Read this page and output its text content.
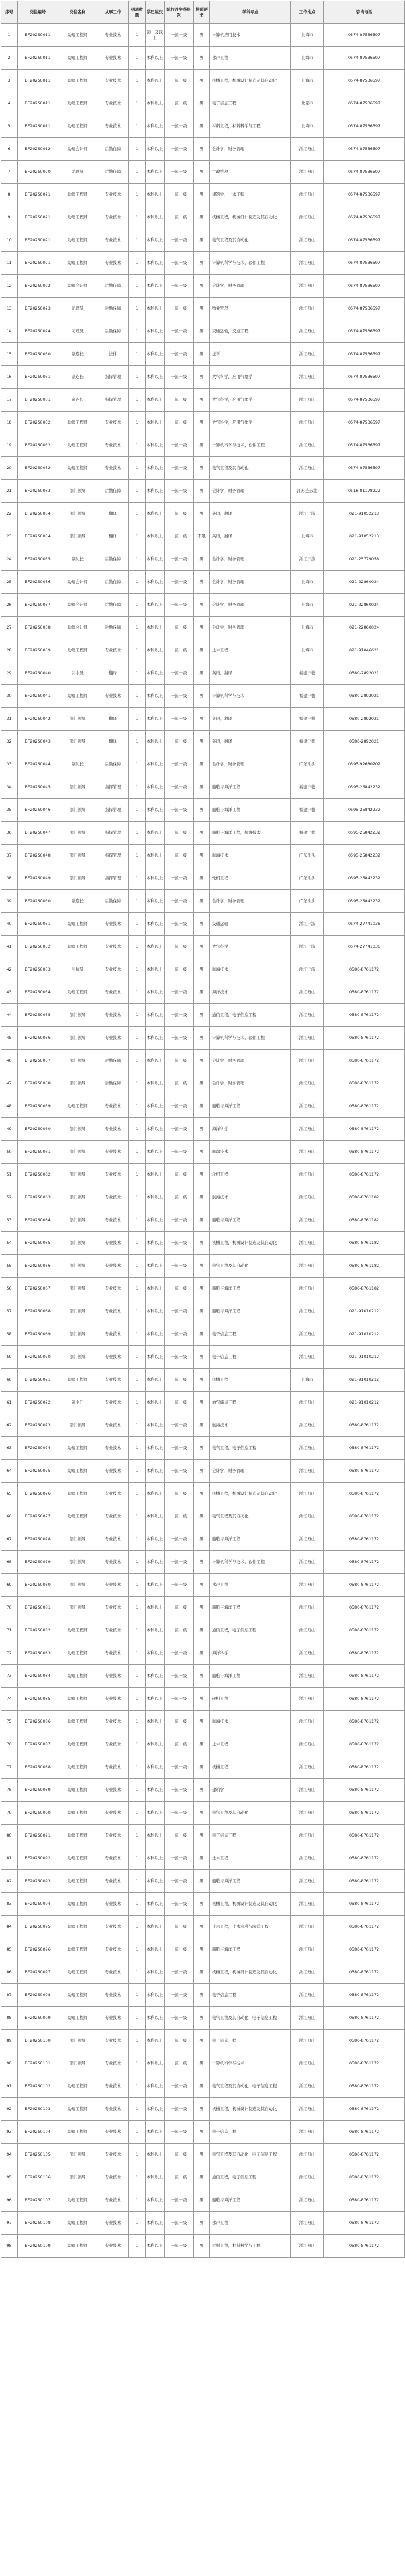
序号	岗位编号	岗位名称	从事工作	招录数量	学历层次	院校及学科层次	性别要求	学科专业	工作地点	咨询电话
1	BF20250011	助理工程师	专业技术	1	硕士及以上	一流一级	男	计算机应用技术	上海市	0574-87536597
2	BF20250011	助理工程师	专业技术	1	本科以上	一流一级	男	水声工程	上海市	0574-87536597
3	BF20250011	助理工程师	专业技术	1	本科以上	一流一级	男	机械工程，机械设计制造及其自动化	上海市	0574-87536597
4	BF20250011	助理工程师	专业技术	1	本科以上	一流一级	男	电子信息工程	北京市	0574-87536597
5	BF20250011	助理工程师	专业技术	1	本科以上	一流一级	男	材料工程，材料科学与工程	上海市	0574-87536597
6	BF20250012	助理会计师	后勤保障	1	本科以上	一流一级	男	会计学，财务管理	浙江舟山	0574-87536597
7	BF20250020	助理员	后勤保障	1	本科以上	一流一级	男	行政管理	浙江舟山	0574-87536597
8	BF20250021	助理工程师	专业技术	1	本科以上	一流一级	男	建筑学，土木工程	浙江舟山	0574-87536597
9	BF20250021	助理工程师	专业技术	1	本科以上	一流一级	男	机械工程，机械设计制造及其自动化	浙江舟山	0574-87536597
10	BF20250021	助理工程师	专业技术	1	本科以上	一流一级	男	电气工程及其自动化	浙江舟山	0574-87536597
11	BF20250021	助理工程师	专业技术	1	本科以上	一流一级	男	计算机科学与技术，软件工程	浙江舟山	0574-87536597
12	BF20250022	助理会计师	后勤保障	1	本科以上	一流一级	男	会计学，财务管理	浙江舟山	0574-87536597
13	BF20250023	助理员	后勤保障	1	本科以上	一流一级	男	物业管理	浙江舟山	0574-87536597
14	BF20250024	助理员	后勤保障	1	本科以上	一流一级	男	交通运输，交通工程	浙江舟山	0574-87536597
15	BF20250030	副连长	法律	1	本科以上	一流一级	男	法学	浙江舟山	0574-87536597
16	BF20250031	副连长	指挥管理	1	本科以上	一流一级	男	大气科学，应用气象学	浙江舟山	0574-87536597
17	BF20250031	副连长	指挥管理	1	本科以上	一流一级	男	大气科学，应用气象学	浙江舟山	0574-87536597
18	BF20250032	助理工程师	专业技术	1	本科以上	一流一级	男	大气科学，应用气象学	浙江舟山	0574-87536597
19	BF20250032	助理工程师	专业技术	1	本科以上	一流一级	男	计算机科学与技术，软件工程	浙江舟山	0574-87536597
20	BF20250032	助理工程师	专业技术	1	本科以上	一流一级	男	电气工程及其自动化	浙江舟山	0574-87536597
21	BF20250033	部门领导	后勤保障	1	本科以上	一流一级	男	会计学，财务管理	江苏连云港	0518-81178222
22	BF20250034	部门领导	翻译	1	本科以上	一流一级	男	英语，翻译	浙江宁波	021-91052213
23	BF20250034	部门领导	翻译	1	本科以上	一流一级	不限	英语，翻译	上海市	021-91052213
24	BF20250035	副队长	后勤保障	1	本科以上	一流一级	男	会计学，财务管理	浙江宁波	021-25779056
25	BF20250036	助理会计师	后勤保障	1	本科以上	一流一级	男	会计学，财务管理	上海市	021-22860024
26	BF20250037	助理会计师	后勤保障	1	本科以上	一流一级	男	会计学，财务管理	上海市	021-22860024
27	BF20250038	助理会计师	后勤保障	1	本科以上	一流一级	男	会计学，财务管理	上海市	021-22860024
28	BF20250039	助理工程师	专业技术	1	本科以上	一流一级	男	土木工程	上海市	021-91046621
29	BF20250040	引水员	翻译	1	本科以上	一流一级	男	英语，翻译	福建宁德	0580-2892021
30	BF20250041	助理工程师	专业技术	1	本科以上	一流一级	男	计算机科学与技术	福建宁德	0580-2892021
31	BF20250042	部门领导	翻译	1	本科以上	一流一级	男	英语，翻译	福建宁德	0580-2892021
32	BF20250043	部门领导	翻译	1	本科以上	一流一级	男	英语，翻译	福建宁德	0580-2892021
33	BF20250044	副队长	后勤保障	1	本科以上	一流一级	男	会计学，财务管理	广东汕头	0595-92680202
34	BF20250045	部门领导	指挥管理	1	本科以上	一流一级	男	船舶与海洋工程	福建宁德	0595-25842232
35	BF20250046	部门领导	指挥管理	1	本科以上	一流一级	男	船舶与海洋工程	福建宁德	0595-25842232
36	BF20250047	部门领导	指挥管理	1	本科以上	一流一级	男	船舶与海洋工程，航海技术	福建宁德	0595-25842232
37	BF20250048	部门领导	指挥管理	1	本科以上	一流一级	男	航海技术	广东汕头	0595-25842232
38	BF20250049	部门领导	指挥管理	1	本科以上	一流一级	男	轮机工程	广东汕头	0595-25842232
39	BF20250050	副连长	后勤保障	1	本科以上	一流一级	男	会计学，财务管理	广东汕头	0595-25842232
40	BF20250051	助理工程师	专业技术	1	本科以上	一流一级	男	交通运输	浙江宁波	0574-27741036
41	BF20250052	助理工程师	专业技术	1	本科以上	一流一级	男	大气科学	浙江宁波	0574-27741036
42	BF20250053	引航员	专业技术	1	本科以上	一流一级	男	航海技术	浙江宁波	0580-8761172
43	BF20250054	助理工程师	专业技术	1	本科以上	一流一级	男	海洋技术	浙江舟山	0580-8761172
44	BF20250055	部门领导	专业技术	1	本科以上	一流一级	男	通信工程，电子信息工程	浙江舟山	0580-8761172
45	BF20250056	部门领导	专业技术	1	本科以上	一流一级	男	计算机科学与技术，软件工程	浙江舟山	0580-8761172
46	BF20250057	部门领导	后勤保障	1	本科以上	一流一级	男	会计学，财务管理	浙江舟山	0580-8761172
47	BF20250058	部门领导	后勤保障	1	本科以上	一流一级	男	会计学，财务管理	浙江舟山	0580-8761172
48	BF20250059	助理工程师	专业技术	1	本科以上	一流一级	男	船舶与海洋工程	浙江舟山	0580-8761172
49	BF20250060	部门领导	专业技术	1	本科以上	一流一级	男	海洋科学	浙江舟山	0580-8761172
50	BF20250061	部门领导	专业技术	1	本科以上	一流一级	男	航海技术	浙江舟山	0580-8761172
51	BF20250062	部门领导	专业技术	1	本科以上	一流一级	男	轮机工程	浙江舟山	0580-8761172
52	BF20250063	部门领导	专业技术	1	本科以上	一流一级	男	航海技术	浙江舟山	0580-8761182
53	BF20250064	部门领导	专业技术	1	本科以上	一流一级	男	船舶与海洋工程	浙江舟山	0580-8761182
54	BF20250065	部门领导	专业技术	1	本科以上	一流一级	男	机械工程，机械设计制造及其自动化	浙江舟山	0580-8761182
55	BF20250066	部门领导	专业技术	1	本科以上	一流一级	男	电气工程及其自动化	浙江舟山	0580-8761182
56	BF20250067	部门领导	专业技术	1	本科以上	一流一级	男	船舶与海洋工程	浙江舟山	0580-8761182
57	BF20250068	部门领导	专业技术	1	本科以上	一流一级	男	船舶与海洋工程	浙江舟山	021-91010212
58	BF20250069	部门领导	专业技术	1	本科以上	一流一级	男	电子信息工程	浙江舟山	021-91010212
59	BF20250070	部门领导	专业技术	1	本科以上	一流一级	男	电子信息工程	浙江舟山	021-91010212
60	BF20250071	助理工程师	专业技术	1	本科以上	一流一级	男	机械工程	上海市	021-91010212
61	BF20250072	副主任	专业技术	1	本科以上	一流一级	男	油气储运工程	浙江舟山	021-91010212
62	BF20250073	部门领导	专业技术	1	本科以上	一流一级	男	航海技术	浙江舟山	0580-8761172
63	BF20250074	助理工程师	专业技术	1	本科以上	一流一级	男	电气工程，电子信息工程	浙江舟山	0580-8761172
64	BF20250075	助理工程师	专业技术	1	本科以上	一流一级	男	会计学，财务管理	浙江舟山	0580-8761172
65	BF20250076	助理工程师	专业技术	1	本科以上	一流一级	男	机械工程，机械设计制造及其自动化	浙江舟山	0580-8761172
66	BF20250077	助理工程师	专业技术	1	本科以上	一流一级	男	电气工程及其自动化	浙江舟山	0580-8761172
67	BF20250078	部门领导	专业技术	1	本科以上	一流一级	男	船舶与海洋工程	浙江舟山	0580-8761172
68	BF20250079	部门领导	专业技术	1	本科以上	一流一级	男	计算机科学与技术，软件工程	浙江舟山	0580-8761172
69	BF20250080	部门领导	专业技术	1	本科以上	一流一级	男	水声工程	浙江舟山	0580-8761172
70	BF20250081	部门领导	专业技术	1	本科以上	一流一级	男	船舶与海洋工程	浙江舟山	0580-8761172
71	BF20250082	助理工程师	专业技术	1	本科以上	一流一级	男	通信工程，电子信息工程	浙江舟山	0580-8761172
72	BF20250083	助理工程师	专业技术	1	本科以上	一流一级	男	海洋科学	浙江舟山	0580-8761172
73	BF20250084	助理工程师	专业技术	1	本科以上	一流一级	男	船舶与海洋工程	浙江舟山	0580-8761172
74	BF20250085	助理工程师	专业技术	1	本科以上	一流一级	男	轮机工程	浙江舟山	0580-8761172
75	BF20250086	助理工程师	专业技术	1	本科以上	一流一级	男	航海技术	浙江舟山	0580-8761172
76	BF20250087	助理工程师	专业技术	1	本科以上	一流一级	男	土木工程	浙江舟山	0580-8761172
77	BF20250088	助理工程师	专业技术	1	本科以上	一流一级	男	机械工程	浙江舟山	0580-8761172
78	BF20250089	助理工程师	专业技术	1	本科以上	一流一级	男	建筑学	浙江舟山	0580-8761172
79	BF20250090	助理工程师	专业技术	1	本科以上	一流一级	男	电气工程及其自动化	浙江舟山	0580-8761172
80	BF20250091	助理工程师	专业技术	1	本科以上	一流一级	男	电子信息工程	浙江舟山	0580-8761172
81	BF20250092	助理工程师	专业技术	1	本科以上	一流一级	男	土木工程	浙江舟山	0580-8761172
82	BF20250093	助理工程师	专业技术	1	本科以上	一流一级	男	船舶与海洋工程	浙江舟山	0580-8761172
83	BF20250094	助理工程师	专业技术	1	本科以上	一流一级	男	机械工程，机械设计制造及其自动化	浙江舟山	0580-8761172
84	BF20250095	助理工程师	专业技术	1	本科以上	一流一级	男	土木工程，土木水利与海洋工程	浙江舟山	0580-8761172
85	BF20250096	助理工程师	专业技术	1	本科以上	一流一级	男	船舶与海洋工程	浙江舟山	0580-8761172
86	BF20250097	助理工程师	专业技术	1	本科以上	一流一级	男	机械工程，机械设计制造及其自动化	浙江舟山	0580-8761172
87	BF20250098	助理工程师	专业技术	1	本科以上	一流一级	男	电子信息工程	浙江舟山	0580-8761172
88	BF20250099	助理工程师	专业技术	1	本科以上	一流一级	男	电气工程及其自动化，电子信息工程	浙江舟山	0580-8761172
89	BF20250100	部门领导	专业技术	1	本科以上	一流一级	男	电子信息工程	浙江舟山	0580-8761172
90	BF20250101	部门领导	专业技术	1	本科以上	一流一级	男	计算机科学与技术	浙江舟山	0580-8761172
91	BF20250102	助理工程师	专业技术	1	本科以上	一流一级	男	电气工程及其自动化，电子信息工程	浙江舟山	0580-8761172
92	BF20250103	助理工程师	专业技术	1	本科以上	一流一级	男	机械工程，机械设计制造及其自动化	浙江舟山	0580-8761172
93	BF20250104	助理工程师	专业技术	1	本科以上	一流一级	男	电子信息工程	浙江舟山	0580-8761172
94	BF20250105	部门领导	专业技术	1	本科以上	一流一级	男	电气工程及其自动化，电子信息工程	浙江舟山	0580-8761172
95	BF20250106	部门领导	专业技术	1	本科以上	一流一级	男	通信工程，电子信息工程	浙江舟山	0580-8761172
96	BF20250107	助理工程师	专业技术	1	本科以上	一流一级	男	船舶与海洋工程	浙江舟山	0580-8761172
97	BF20250108	助理工程师	专业技术	1	本科以上	一流一级	男	水声工程	浙江舟山	0580-8761172
98	BF20250109	助理工程师	专业技术	1	本科以上	一流一级	男	材料工程，材料科学与工程	浙江舟山	0580-8761172
